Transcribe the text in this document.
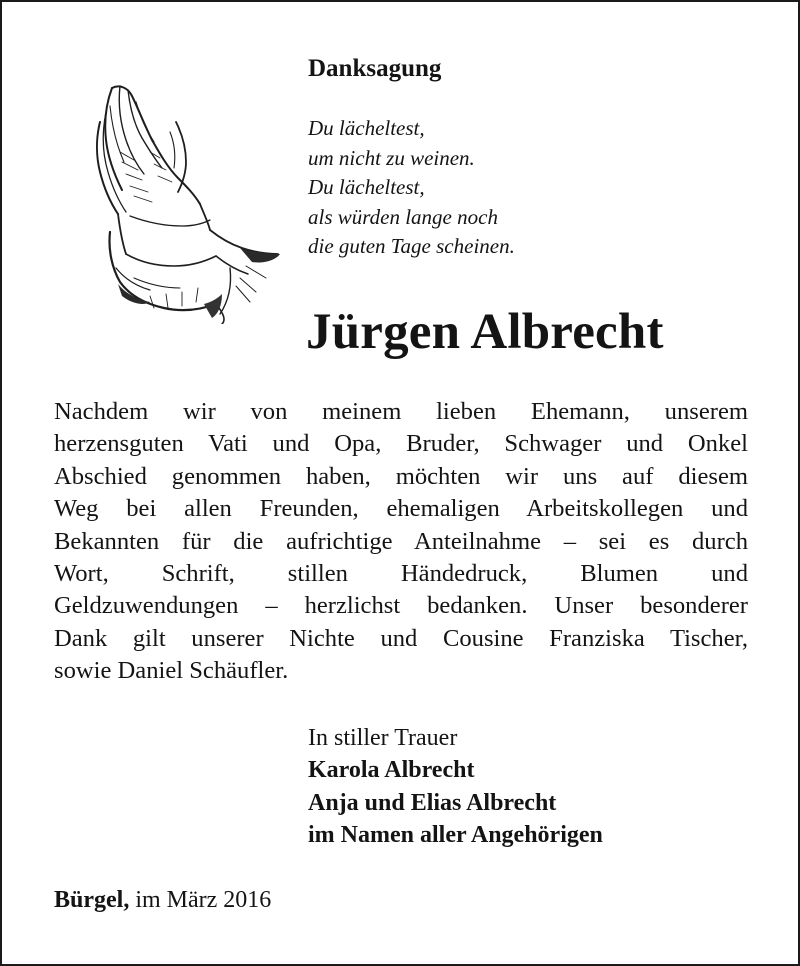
Danksagung
Du lächeltest,
um nicht zu weinen.
Du lächeltest,
als würden lange noch
die guten Tage scheinen.
Jürgen Albrecht
Nachdem wir von meinem lieben Ehemann, unserem
herzensguten Vati und Opa, Bruder, Schwager und Onkel
Abschied genommen haben, möchten wir uns auf diesem
Weg bei allen Freunden, ehemaligen Arbeitskollegen und
Bekannten für die aufrichtige Anteilnahme – sei es durch
Wort, Schrift, stillen Händedruck, Blumen und
Geldzuwendungen – herzlichst bedanken. Unser besonderer
Dank gilt unserer Nichte und Cousine Franziska Tischer,
sowie Daniel Schäufler.
In stiller Trauer
Karola Albrecht
Anja und Elias Albrecht
im Namen aller Angehörigen
Bürgel, im März 2016
